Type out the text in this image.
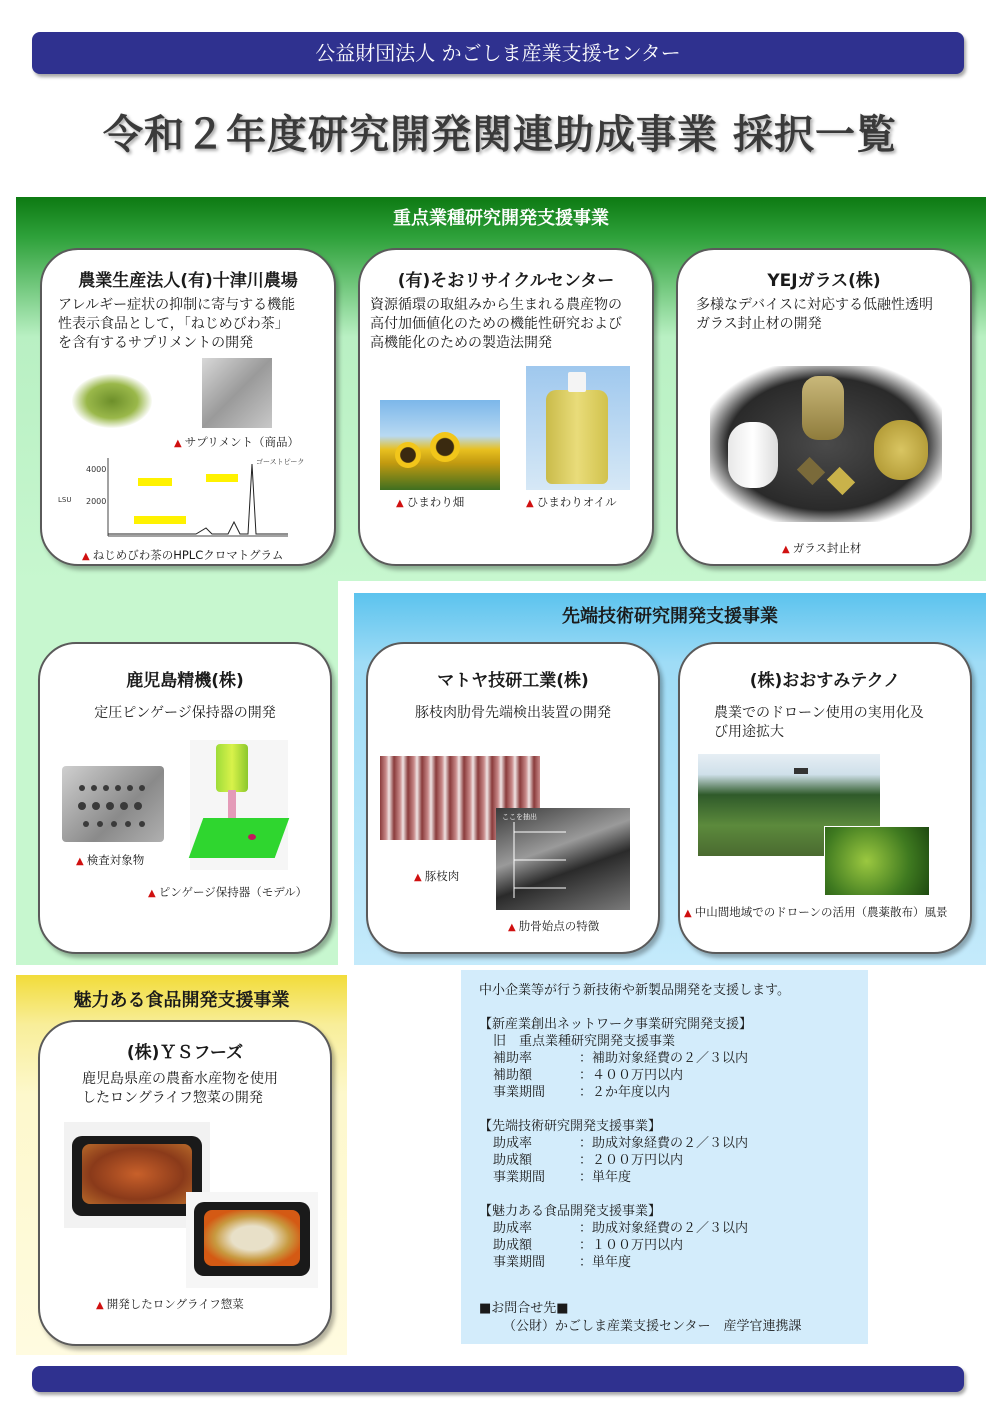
公益財団法人 かごしま産業支援センター
令和２年度研究開発関連助成事業 採択一覧
重点業種研究開発支援事業
先端技術研究開発支援事業
魅力ある食品開発支援事業
農業生産法人(有)十津川農場
アレルギー症状の抑制に寄与する機能
性表示食品として，「ねじめびわ茶」
を含有するサプリメントの開発
▲ サプリメント（商品）
LSU
4000
2000
ゴーストピーク
▲ ねじめびわ茶のHPLCクロマトグラム
(有)そおリサイクルセンター
資源循環の取組みから生まれる農産物の
高付加価値化のための機能性研究および
高機能化のための製造法開発
▲ ひまわり畑	▲ ひまわりオイル
YEJガラス(株)
多様なデバイスに対応する低融性透明
ガラス封止材の開発
▲ ガラス封止材
鹿児島精機(株)
定圧ピンゲージ保持器の開発
▲ 検査対象物
▲ ピンゲージ保持器（モデル）
マトヤ技研工業(株)
豚枝肉肋骨先端検出装置の開発
▲ 豚枝肉
ここを抽出
▲ 肋骨始点の特徴
(株)おおすみテクノ
農業でのドローン使用の実用化及
び用途拡大
▲ 中山間地域でのドローンの活用（農薬散布）風景
(株)ＹＳフーズ
鹿児島県産の農畜水産物を使用
したロングライフ惣菜の開発
▲ 開発したロングライフ惣菜
中小企業等が行う新技術や新製品開発を支援します。
【新産業創出ネットワーク事業研究開発支援】
旧　重点業種研究開発支援事業
補助率	：補助対象経費の２／３以内
補助額	：４００万円以内
事業期間	：２か年度以内
【先端技術研究開発支援事業】
助成率	：助成対象経費の２／３以内
助成額	：２００万円以内
事業期間	：単年度
【魅力ある食品開発支援事業】
助成率	：助成対象経費の２／３以内
助成額	：１００万円以内
事業期間	：単年度
■お問合せ先■
（公財）かごしま産業支援センター　産学官連携課
